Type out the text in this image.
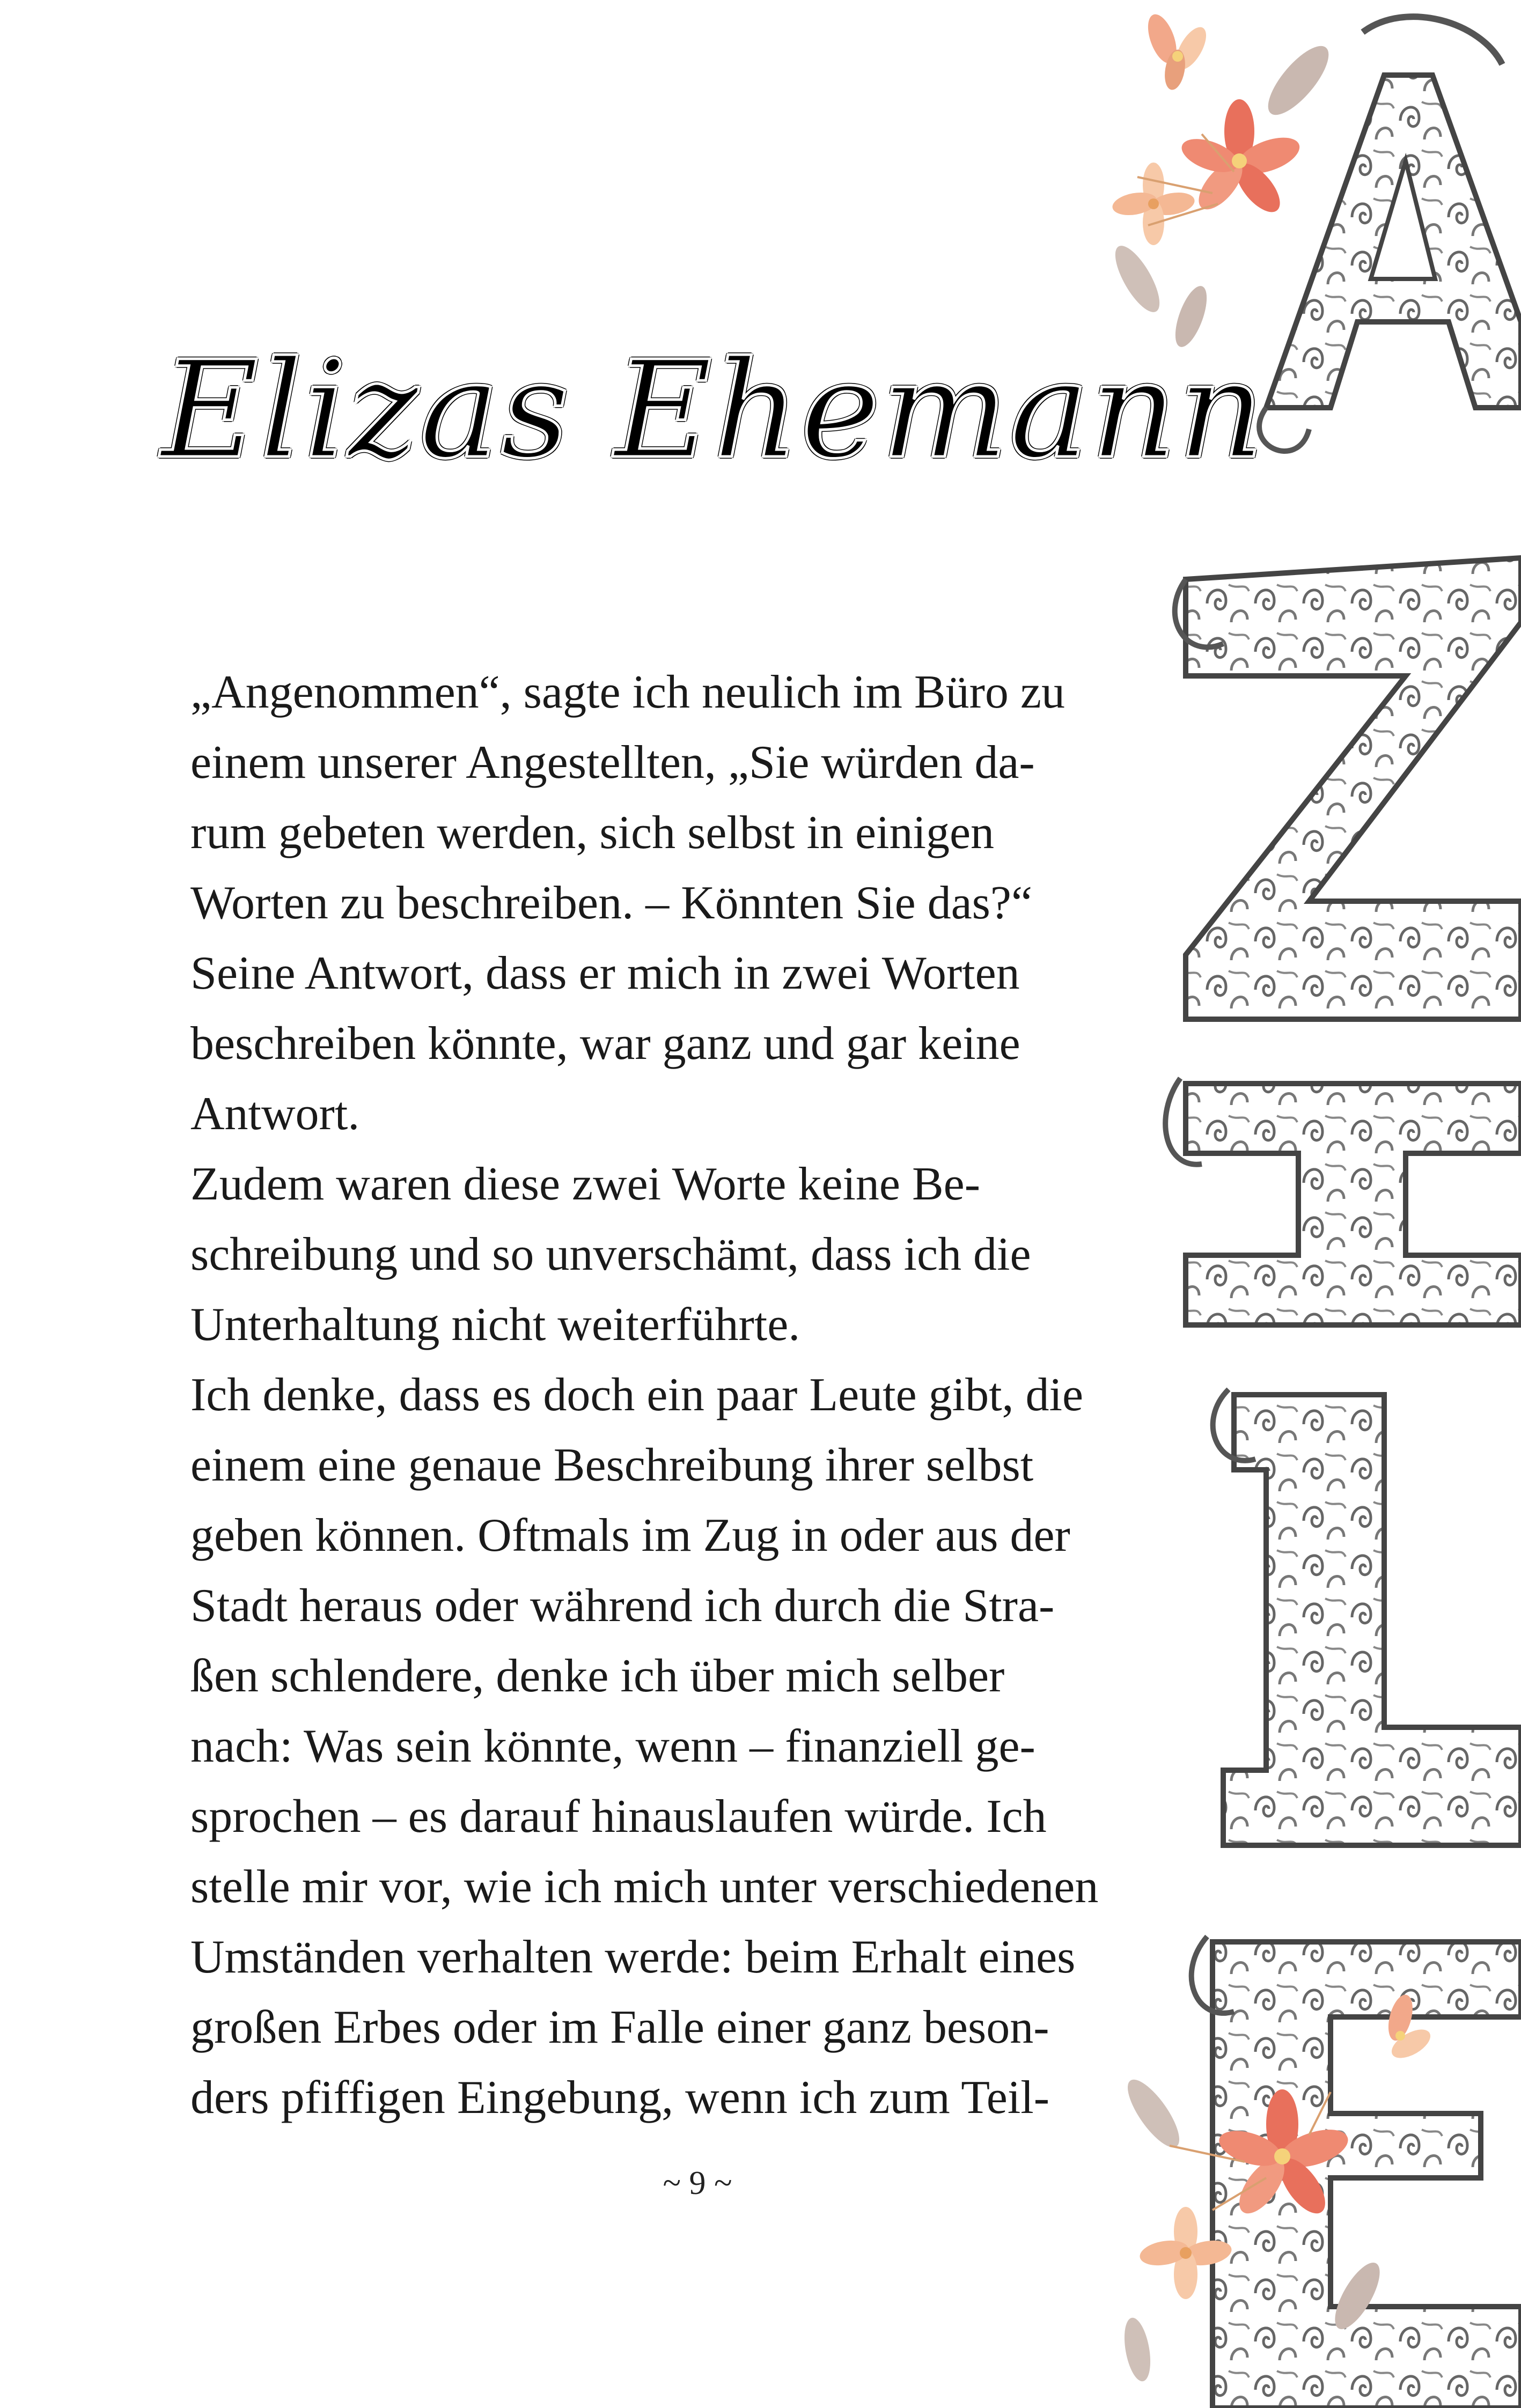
Elizas Ehemann

„Angenommen“, sagte ich neulich im Büro zu

einem unserer Angestellten, „Sie würden da-

rum gebeten werden, sich selbst in einigen

Worten zu beschreiben. – Könnten Sie das?“

Seine Antwort, dass er mich in zwei Worten

beschreiben könnte, war ganz und gar keine

Antwort.

Zudem waren diese zwei Worte keine Be-

schreibung und so unverschämt, dass ich die

Unterhaltung nicht weiterführte.

Ich denke, dass es doch ein paar Leute gibt, die

einem eine genaue Beschreibung ihrer selbst

geben können. Oftmals im Zug in oder aus der

Stadt heraus oder während ich durch die Stra-

ßen schlendere, denke ich über mich selber

nach: Was sein könnte, wenn – finanziell ge-

sprochen – es darauf hinauslaufen würde. Ich

stelle mir vor, wie ich mich unter verschiedenen

Umständen verhalten werde: beim Erhalt eines

großen Erbes oder im Falle einer ganz beson-

ders pfiffigen Eingebung, wenn ich zum Teil-

~ 9 ~
